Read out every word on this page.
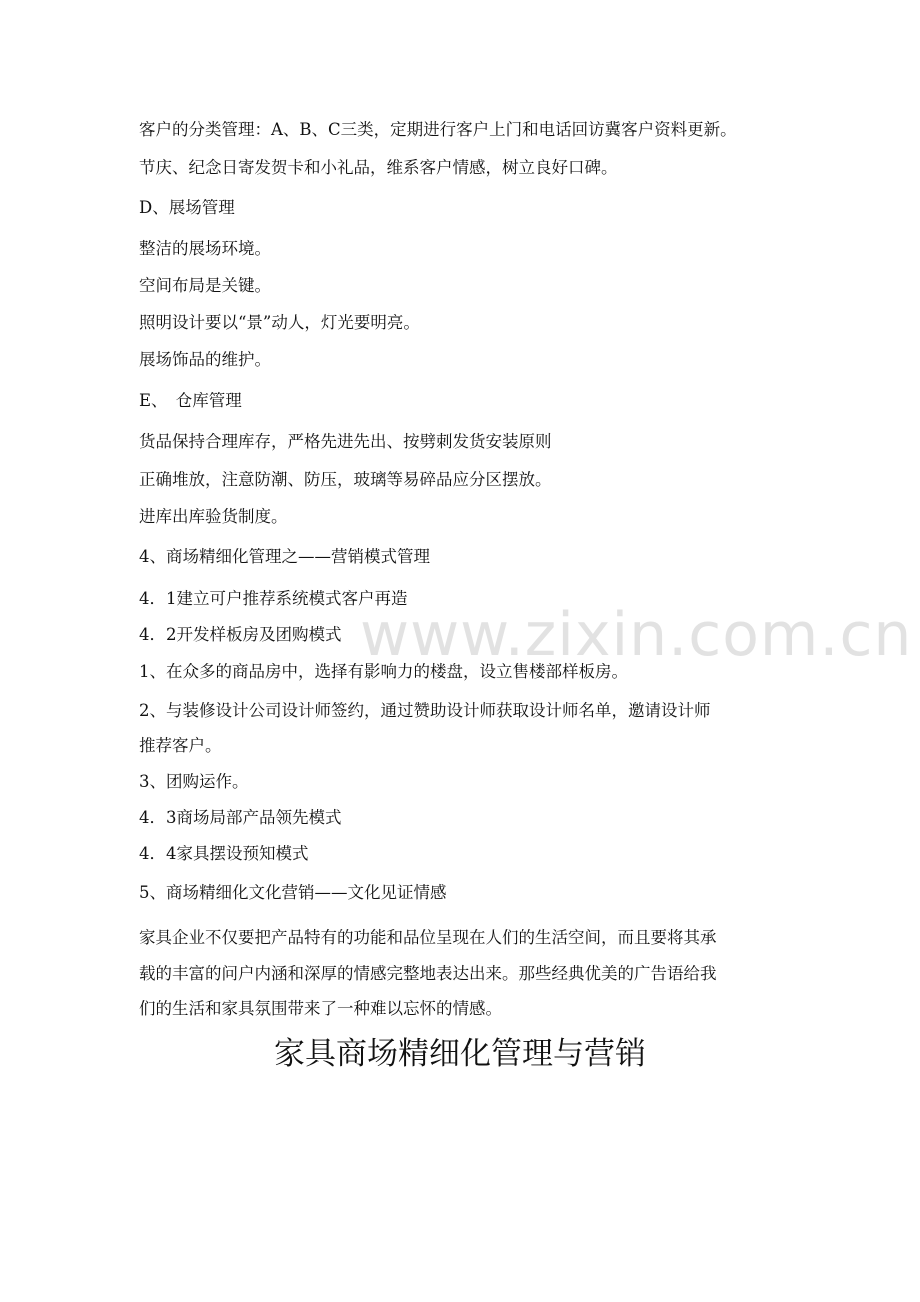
www.zixin.com.cn

客户的分类管理：A、B、C三类，定期进行客户上门和电话回访冀客户资料更新。

节庆、纪念日寄发贺卡和小礼品，维系客户情感，树立良好口碑。

D、展场管理

整洁的展场环境。

空间布局是关键。

照明设计要以“景”动人，灯光要明亮。

展场饰品的维护。

E、　仓库管理

货品保持合理库存，严格先进先出、按劈刺发货安装原则

正确堆放，注意防潮、防压，玻璃等易碎品应分区摆放。

进库出库验货制度。

4、商场精细化管理之——营销模式管理

4．1建立可户推荐系统模式客户再造

4．2开发样板房及团购模式

1、在众多的商品房中，选择有影响力的楼盘，设立售楼部样板房。

2、与装修设计公司设计师签约，通过赞助设计师获取设计师名单，邀请设计师

推荐客户。

3、团购运作。

4．3商场局部产品领先模式

4．4家具摆设预知模式

5、商场精细化文化营销——文化见证情感

家具企业不仅要把产品特有的功能和品位呈现在人们的生活空间，而且要将其承

载的丰富的问户内涵和深厚的情感完整地表达出来。那些经典优美的广告语给我

们的生活和家具氛围带来了一种难以忘怀的情感。

家具商场精细化管理与营销
